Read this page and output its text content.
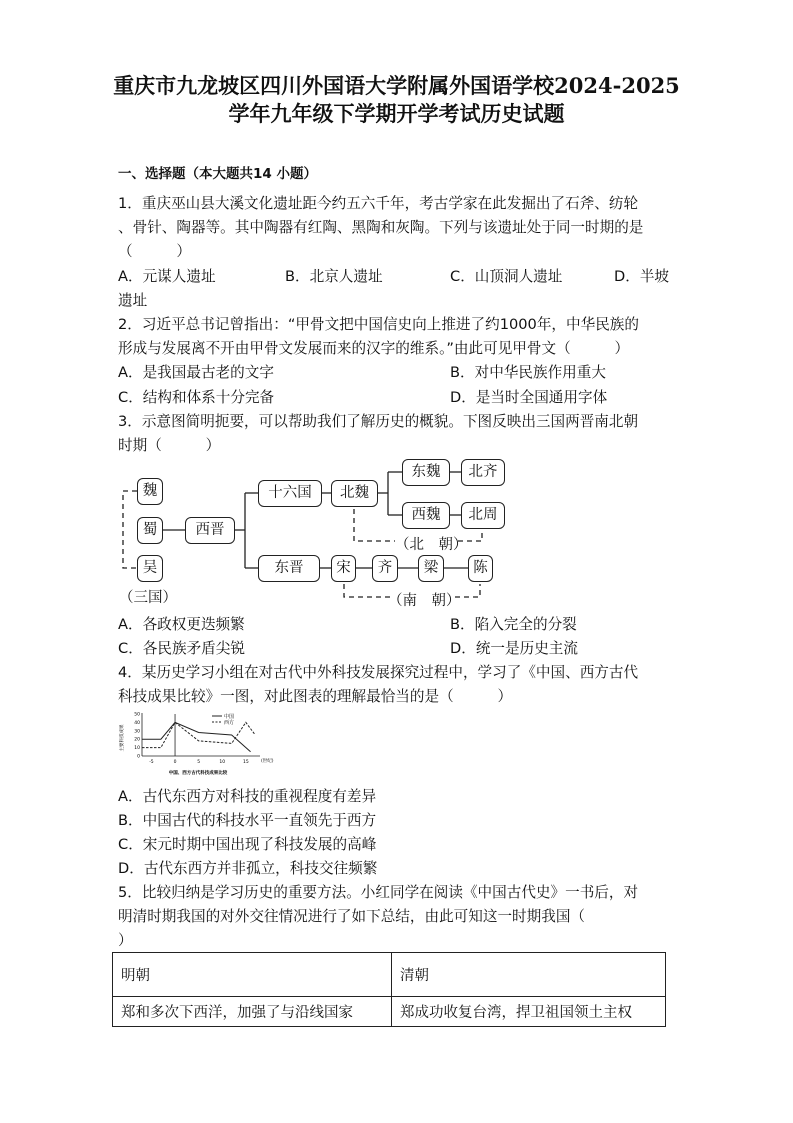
重庆市九龙坡区四川外国语大学附属外国语学校2024-2025
学年九年级下学期开学考试历史试题
一、选择题（本大题共14 小题）
1．重庆巫山县大溪文化遗址距今约五六千年，考古学家在此发掘出了石斧、纺轮
、骨针、陶器等。其中陶器有红陶、黑陶和灰陶。下列与该遗址处于同一时期的是
（　　　）
A．元谋人遗址	B．北京人遗址	C．山顶洞人遗址	D．半坡
遗址
2．习近平总书记曾指出：“甲骨文把中国信史向上推进了约1000年，中华民族的
形成与发展离不开由甲骨文发展而来的汉字的维系。”由此可见甲骨文（　　　）
A．是我国最古老的文字	B．对中华民族作用重大
C．结构和体系十分完备	D．是当时全国通用字体
3．示意图简明扼要，可以帮助我们了解历史的概貌。下图反映出三国两晋南北朝
时期（　　　）
魏
蜀
吴
（三国）
西晋
十六国	北魏
东魏	北齐
西魏	北周
（北　朝）
东晋	宋	齐	梁	陈
（南　朝）
A．各政权更迭频繁	B．陷入完全的分裂
C．各民族矛盾尖锐	D．统一是历史主流
4．某历史学习小组在对古代中外科技发展探究过程中，学习了《中国、西方古代
科技成果比较》一图，对此图表的理解最恰当的是（　　　）
主要科技成果
50
40
30
20
10
0
-5	0	5	10	15
中国
西方
(世纪)
中国、西方古代科技成果比较
A．古代东西方对科技的重视程度有差异
B．中国古代的科技水平一直领先于西方
C．宋元时期中国出现了科技发展的高峰
D．古代东西方并非孤立，科技交往频繁
5．比较归纳是学习历史的重要方法。小红同学在阅读《中国古代史》一书后，对
明清时期我国的对外交往情况进行了如下总结，由此可知这一时期我国（
）
明朝	清朝
郑和多次下西洋，加强了与沿线国家	郑成功收复台湾，捍卫祖国领土主权
